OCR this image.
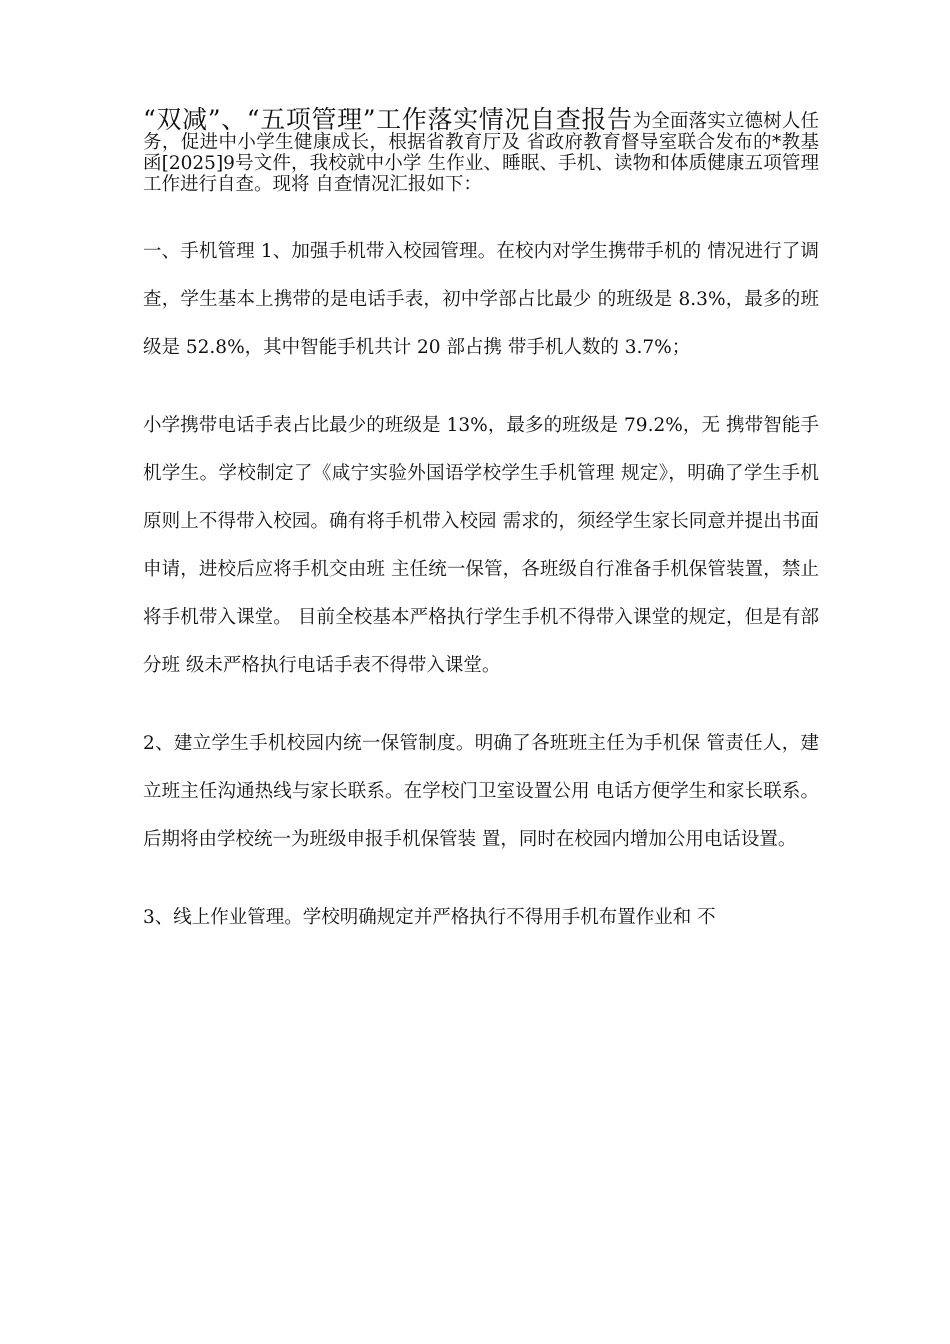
“双减”、“五项管理”工作落实情况自查报告为全面落实立德树人任务，促进中小学生健康成长，根据省教育厅及 省政府教育督导室联合发布的*教基函[2025]9号文件，我校就中小学 生作业、睡眠、手机、读物和体质健康五项管理工作进行自查。现将 自查情况汇报如下：

一、手机管理 1、加强手机带入校园管理。在校内对学生携带手机的 情况进行了调查，学生基本上携带的是电话手表，初中学部占比最少 的班级是 8.3%，最多的班级是 52.8%，其中智能手机共计 20 部占携 带手机人数的 3.7%；

小学携带电话手表占比最少的班级是 13%，最多的班级是 79.2%，无 携带智能手机学生。学校制定了《咸宁实验外国语学校学生手机管理 规定》，明确了学生手机原则上不得带入校园。确有将手机带入校园 需求的，须经学生家长同意并提出书面申请，进校后应将手机交由班 主任统一保管，各班级自行准备手机保管装置，禁止将手机带入课堂。 目前全校基本严格执行学生手机不得带入课堂的规定，但是有部分班 级未严格执行电话手表不得带入课堂。

2、建立学生手机校园内统一保管制度。明确了各班班主任为手机保 管责任人，建立班主任沟通热线与家长联系。在学校门卫室设置公用 电话方便学生和家长联系。后期将由学校统一为班级申报手机保管装 置，同时在校园内增加公用电话设置。

3、线上作业管理。学校明确规定并严格执行不得用手机布置作业和 不
